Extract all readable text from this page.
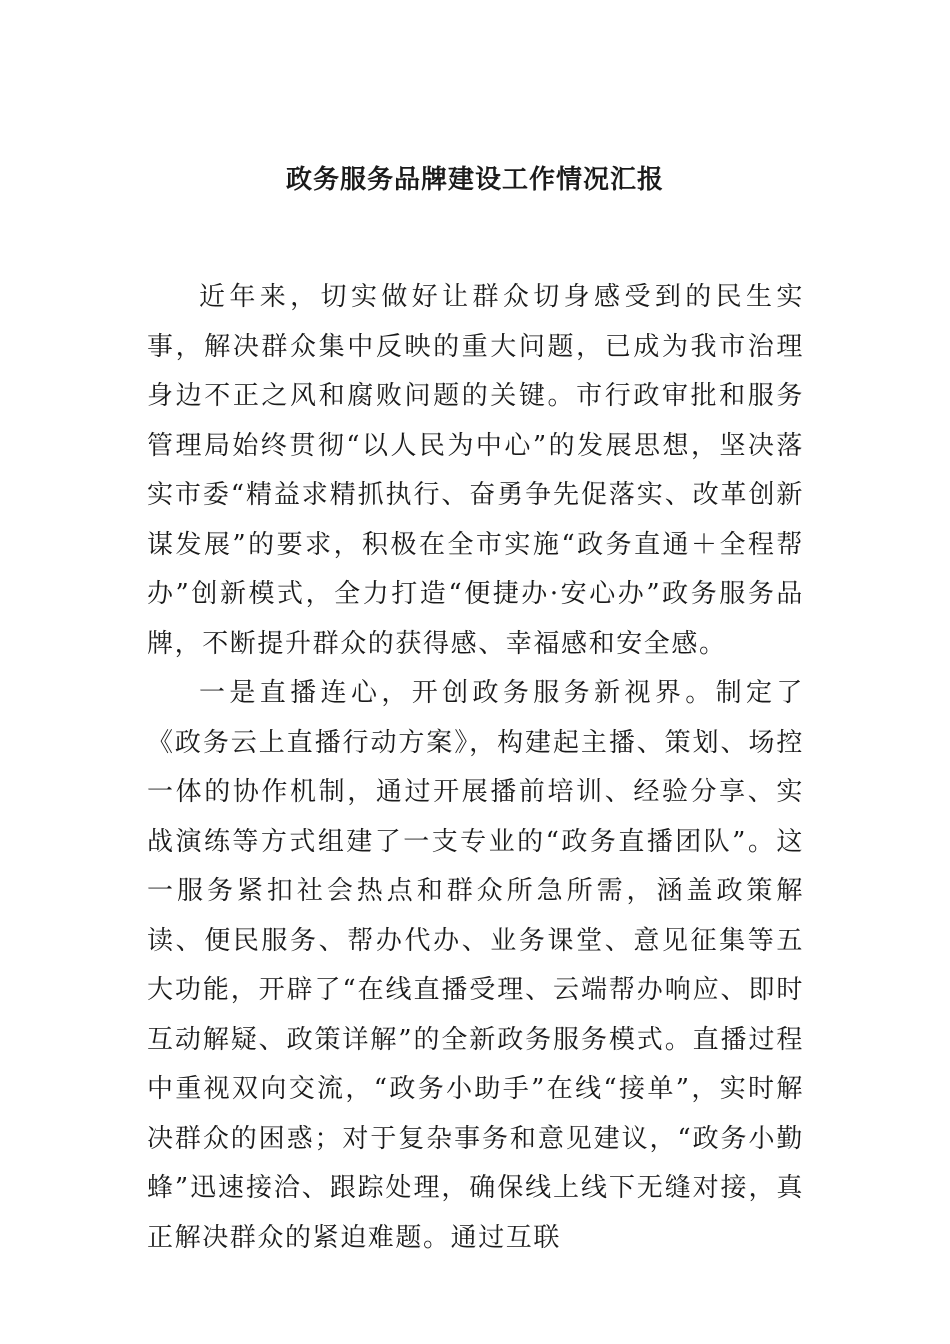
政务服务品牌建设工作情况汇报

近年来，切实做好让群众切身感受到的民生实事，解决群众集中反映的重大问题，已成为我市治理身边不正之风和腐败问题的关键。市行政审批和服务管理局始终贯彻“以人民为中心”的发展思想，坚决落实市委“精益求精抓执行、奋勇争先促落实、改革创新谋发展”的要求，积极在全市实施“政务直通＋全程帮办”创新模式，全力打造“便捷办·安心办”政务服务品牌，不断提升群众的获得感、幸福感和安全感。

一是直播连心，开创政务服务新视界。制定了《政务云上直播行动方案》，构建起主播、策划、场控一体的协作机制，通过开展播前培训、经验分享、实战演练等方式组建了一支专业的“政务直播团队”。这一服务紧扣社会热点和群众所急所需，涵盖政策解读、便民服务、帮办代办、业务课堂、意见征集等五大功能，开辟了“在线直播受理、云端帮办响应、即时互动解疑、政策详解”的全新政务服务模式。直播过程中重视双向交流，“政务小助手”在线“接单”，实时解决群众的困惑；对于复杂事务和意见建议，“政务小勤蜂”迅速接洽、跟踪处理，确保线上线下无缝对接，真正解决群众的紧迫难题。通过互联
